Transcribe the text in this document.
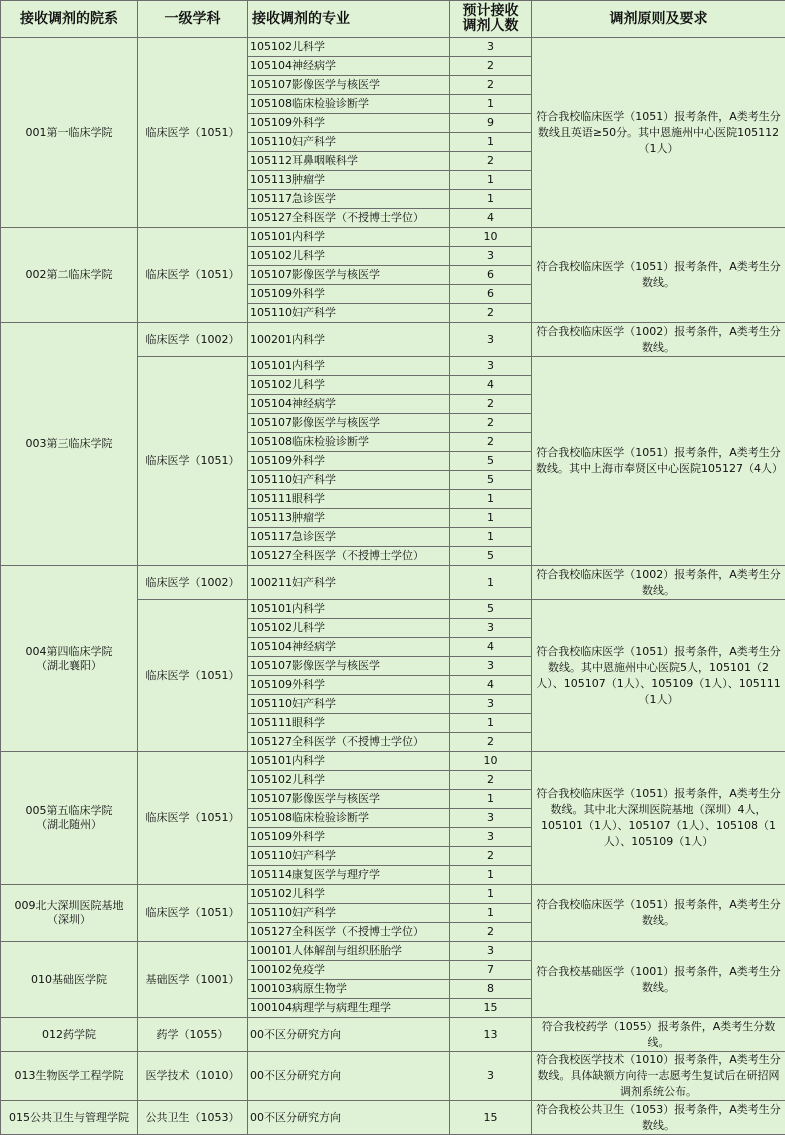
接收调剂的院系	一级学科	接收调剂的专业	预计接收调剂人数	调剂原则及要求
001第一临床学院	临床医学（1051）	105102儿科学	3	符合我校临床医学（1051）报考条件，A类考生分数线且英语≥50分。其中恩施州中心医院105112（1人）
		105104神经病学	2	
		105107影像医学与核医学	2	
		105108临床检验诊断学	1	
		105109外科学	9	
		105110妇产科学	1	
		105112耳鼻咽喉科学	2	
		105113肿瘤学	1	
		105117急诊医学	1	
		105127全科医学（不授博士学位）	4	
002第二临床学院	临床医学（1051）	105101内科学	10	符合我校临床医学（1051）报考条件，A类考生分数线。
		105102儿科学	3	
		105107影像医学与核医学	6	
		105109外科学	6	
		105110妇产科学	2	
003第三临床学院	临床医学（1002）	100201内科学	3	符合我校临床医学（1002）报考条件，A类考生分数线。
	临床医学（1051）	105101内科学	3	符合我校临床医学（1051）报考条件，A类考生分数线。其中上海市奉贤区中心医院105127（4人）
		105102儿科学	4	
		105104神经病学	2	
		105107影像医学与核医学	2	
		105108临床检验诊断学	2	
		105109外科学	5	
		105110妇产科学	5	
		105111眼科学	1	
		105113肿瘤学	1	
		105117急诊医学	1	
		105127全科医学（不授博士学位）	5	
004第四临床学院
（湖北襄阳）	临床医学（1002）	100211妇产科学	1	符合我校临床医学（1002）报考条件，A类考生分数线。
	临床医学（1051）	105101内科学	5	符合我校临床医学（1051）报考条件，A类考生分数线。其中恩施州中心医院5人，105101（2人）、105107（1人）、105109（1人）、105111（1人）
		105102儿科学	3	
		105104神经病学	4	
		105107影像医学与核医学	3	
		105109外科学	4	
		105110妇产科学	3	
		105111眼科学	1	
		105127全科医学（不授博士学位）	2	
005第五临床学院
（湖北随州）	临床医学（1051）	105101内科学	10	符合我校临床医学（1051）报考条件，A类考生分数线。其中北大深圳医院基地（深圳）4人，105101（1人）、105107（1人）、105108（1人）、105109（1人）
		105102儿科学	2	
		105107影像医学与核医学	1	
		105108临床检验诊断学	3	
		105109外科学	3	
		105110妇产科学	2	
		105114康复医学与理疗学	1	
009北大深圳医院基地
（深圳）	临床医学（1051）	105102儿科学	1	符合我校临床医学（1051）报考条件，A类考生分数线。
		105110妇产科学	1	
		105127全科医学（不授博士学位）	2	
010基础医学院	基础医学（1001）	100101人体解剖与组织胚胎学	3	符合我校基础医学（1001）报考条件，A类考生分数线。
		100102免疫学	7	
		100103病原生物学	8	
		100104病理学与病理生理学	15	
012药学院	药学（1055）	00不区分研究方向	13	符合我校药学（1055）报考条件，A类考生分数线。
013生物医学工程学院	医学技术（1010）	00不区分研究方向	3	符合我校医学技术（1010）报考条件，A类考生分数线。具体缺额方向待一志愿考生复试后在研招网调剂系统公布。
015公共卫生与管理学院	公共卫生（1053）	00不区分研究方向	15	符合我校公共卫生（1053）报考条件，A类考生分数线。
